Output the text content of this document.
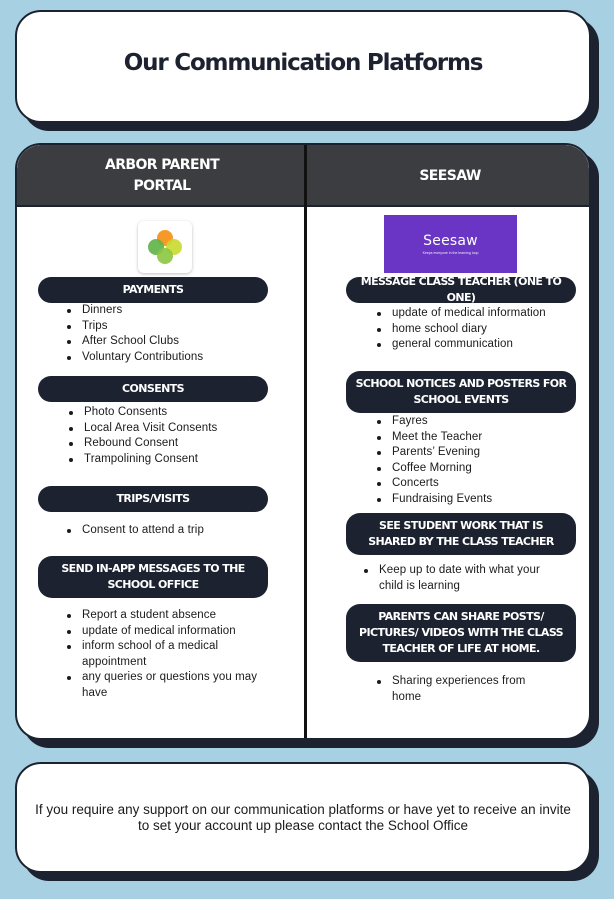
Our Communication Platforms
ARBOR PARENT
PORTAL
SEESAW
Seesaw
Keeps everyone in the learning loop
PAYMENTS
Dinners
Trips
After School Clubs
Voluntary Contributions
CONSENTS
Photo Consents
Local Area Visit Consents
Rebound Consent
Trampolining Consent
TRIPS/VISITS
Consent to attend a trip
SEND IN-APP MESSAGES TO THE SCHOOL OFFICE
Report a student absence
update of medical information
inform school of a medical appointment
any queries or questions you may have
MESSAGE CLASS TEACHER (ONE TO ONE)
update of medical information
home school diary
general communication
SCHOOL NOTICES AND POSTERS FOR SCHOOL EVENTS
Fayres
Meet the Teacher
Parents’ Evening
Coffee Morning
Concerts
Fundraising Events
SEE STUDENT WORK THAT IS SHARED BY THE CLASS TEACHER
Keep up to date with what your child is learning
PARENTS CAN SHARE POSTS/ PICTURES/ VIDEOS WITH THE CLASS TEACHER OF LIFE AT HOME.
Sharing experiences from home

If you require any support on our communication platforms or have yet to receive an invite to set your account up please contact the School Office
